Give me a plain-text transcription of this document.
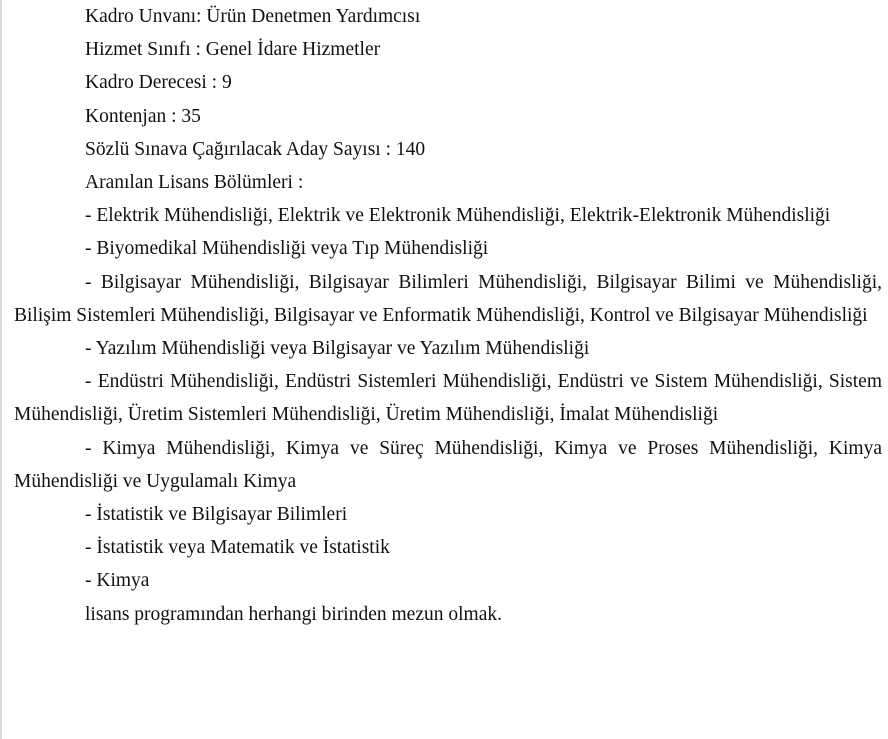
Kadro Unvanı: Ürün Denetmen Yardımcısı

Hizmet Sınıfı : Genel İdare Hizmetler

Kadro Derecesi : 9

Kontenjan : 35

Sözlü Sınava Çağırılacak Aday Sayısı : 140

Aranılan Lisans Bölümleri :

- Elektrik Mühendisliği, Elektrik ve Elektronik Mühendisliği, Elektrik-Elektronik Mühendisliği

- Biyomedikal Mühendisliği veya Tıp Mühendisliği

- Bilgisayar Mühendisliği, Bilgisayar Bilimleri Mühendisliği, Bilgisayar Bilimi ve Mühendisliği, Bilişim Sistemleri Mühendisliği, Bilgisayar ve Enformatik Mühendisliği, Kontrol ve Bilgisayar Mühendisliği

- Yazılım Mühendisliği veya Bilgisayar ve Yazılım Mühendisliği

- Endüstri Mühendisliği, Endüstri Sistemleri Mühendisliği, Endüstri ve Sistem Mühendisliği, Sistem Mühendisliği, Üretim Sistemleri Mühendisliği, Üretim Mühendisliği, İmalat Mühendisliği

- Kimya Mühendisliği, Kimya ve Süreç Mühendisliği, Kimya ve Proses Mühendisliği, Kimya Mühendisliği ve Uygulamalı Kimya

- İstatistik ve Bilgisayar Bilimleri

- İstatistik veya Matematik ve İstatistik

- Kimya

lisans programından herhangi birinden mezun olmak.
